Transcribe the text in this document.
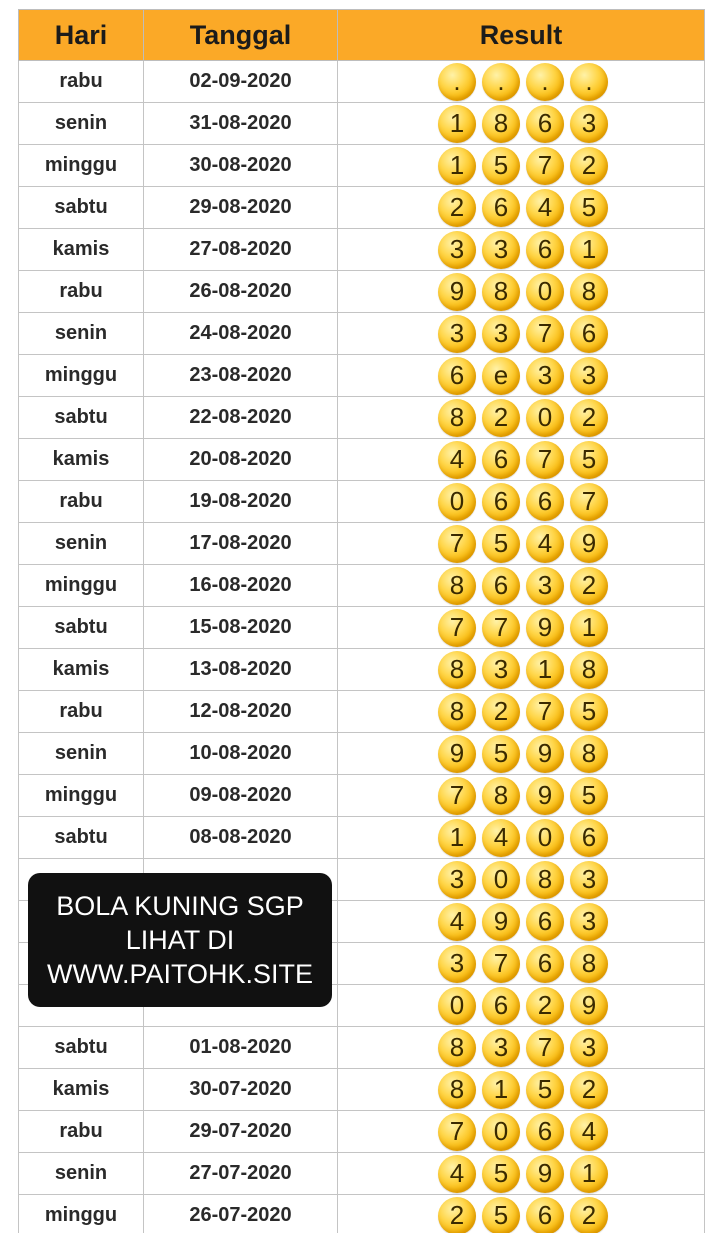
Hari	Tanggal	Result
rabu	02-09-2020	. . . .

senin	31-08-2020	1 8 6 3

minggu	30-08-2020	1 5 7 2

sabtu	29-08-2020	2 6 4 5

kamis	27-08-2020	3 3 6 1

rabu	26-08-2020	9 8 0 8

senin	24-08-2020	3 3 7 6

minggu	23-08-2020	6 e 3 3

sabtu	22-08-2020	8 2 0 2

kamis	20-08-2020	4 6 7 5

rabu	19-08-2020	0 6 6 7

senin	17-08-2020	7 5 4 9

minggu	16-08-2020	8 6 3 2

sabtu	15-08-2020	7 7 9 1

kamis	13-08-2020	8 3 1 8

rabu	12-08-2020	8 2 7 5

senin	10-08-2020	9 5 9 8

minggu	09-08-2020	7 8 9 5

sabtu	08-08-2020	1 4 0 6

3 0 8 3

4 9 6 3

3 7 6 8

0 6 2 9

sabtu	01-08-2020	8 3 7 3

kamis	30-07-2020	8 1 5 2

rabu	29-07-2020	7 0 6 4

senin	27-07-2020	4 5 9 1

minggu	26-07-2020	2 5 6 2
BOLA KUNING SGP
LIHAT DI
WWW.PAITOHK.SITE
